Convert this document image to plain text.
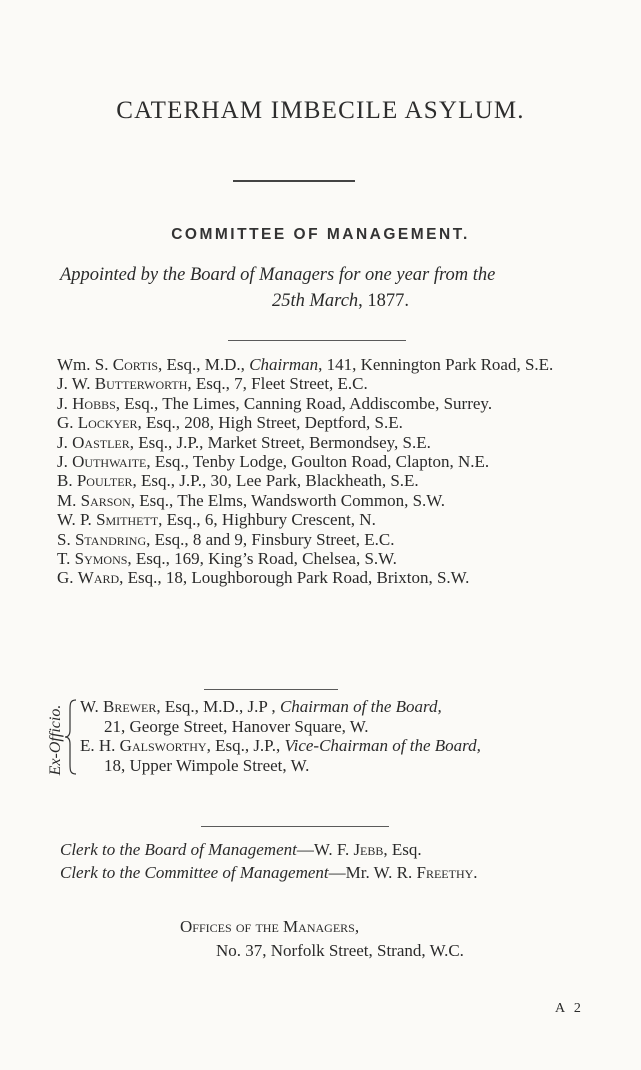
CATERHAM IMBECILE ASYLUM.
COMMITTEE OF MANAGEMENT.
Appointed by the Board of Managers for one year from the
25th March, 1877.
Wm. S. Cortis, Esq., M.D., Chairman, 141, Kennington Park Road, S.E.
J. W. Butterworth, Esq., 7, Fleet Street, E.C.
J. Hobbs, Esq., The Limes, Canning Road, Addiscombe, Surrey.
G. Lockyer, Esq., 208, High Street, Deptford, S.E.
J. Oastler, Esq., J.P., Market Street, Bermondsey, S.E.
J. Outhwaite, Esq., Tenby Lodge, Goulton Road, Clapton, N.E.
B. Poulter, Esq., J.P., 30, Lee Park, Blackheath, S.E.
M. Sarson, Esq., The Elms, Wandsworth Common, S.W.
W. P. Smithett, Esq., 6, Highbury Crescent, N.
S. Standring, Esq., 8 and 9, Finsbury Street, E.C.
T. Symons, Esq., 169, King’s Road, Chelsea, S.W.
G. Ward, Esq., 18, Loughborough Park Road, Brixton, S.W.
Ex-Officio. W. Brewer, Esq., M.D., J.P , Chairman of the Board,
21, George Street, Hanover Square, W.
E. H. Galsworthy, Esq., J.P., Vice-Chairman of the Board,
18, Upper Wimpole Street, W.
Clerk to the Board of Management—W. F. Jebb, Esq.
Clerk to the Committee of Management—Mr. W. R. Freethy.
Offices of the Managers,
No. 37, Norfolk Street, Strand, W.C.
A 2
